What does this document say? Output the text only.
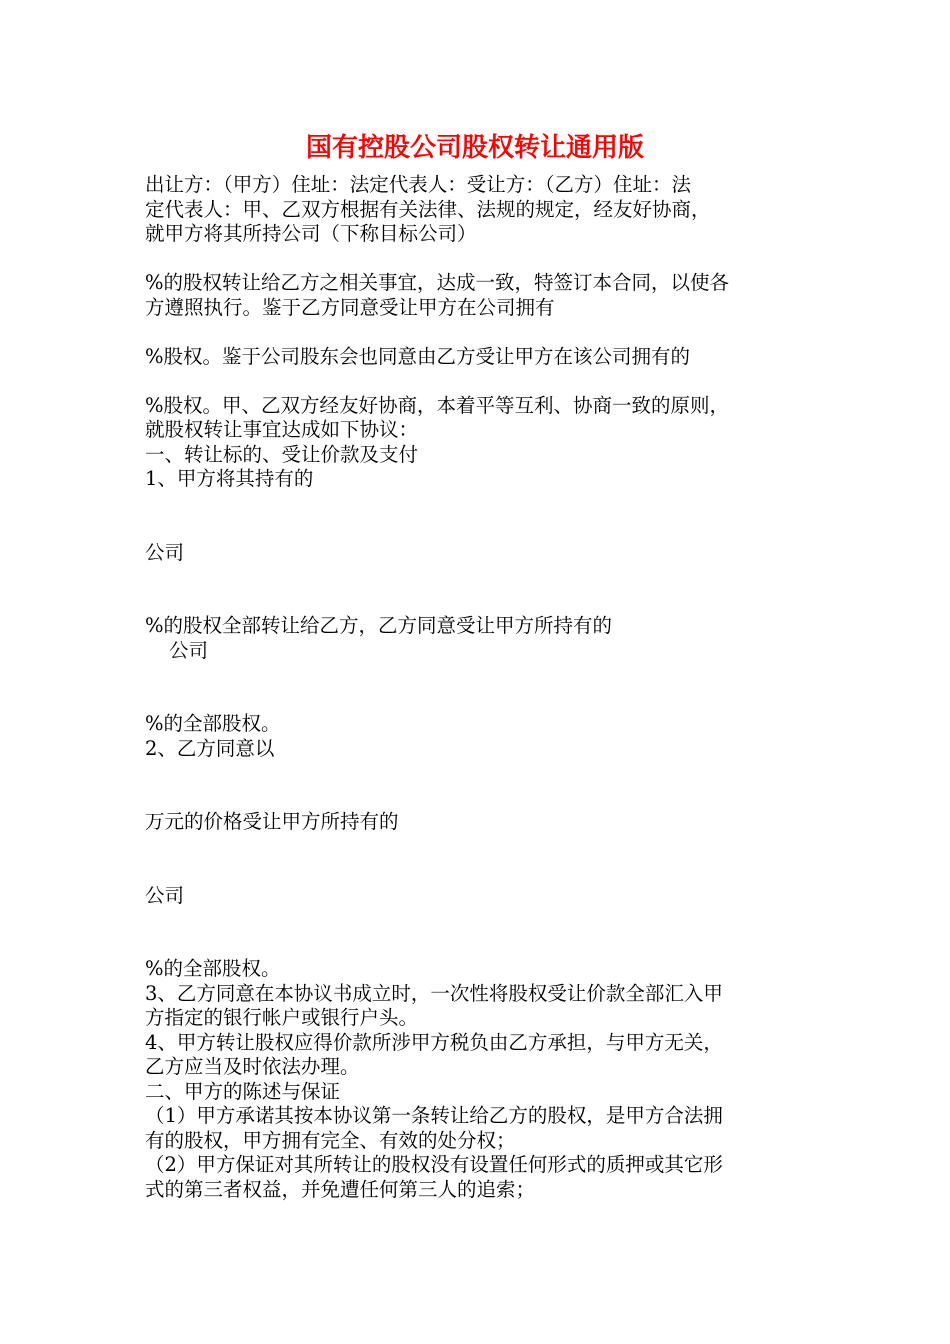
国有控股公司股权转让通用版
出让方：（甲方）住址：法定代表人：受让方：（乙方）住址：法
定代表人：甲、乙双方根据有关法律、法规的规定，经友好协商，
就甲方将其所持公司（下称目标公司）
%的股权转让给乙方之相关事宜，达成一致，特签订本合同，以使各
方遵照执行。鉴于乙方同意受让甲方在公司拥有
%股权。鉴于公司股东会也同意由乙方受让甲方在该公司拥有的
%股权。甲、乙双方经友好协商，本着平等互利、协商一致的原则，
就股权转让事宜达成如下协议：
一、转让标的、受让价款及支付
1、甲方将其持有的
公司
%的股权全部转让给乙方，乙方同意受让甲方所持有的
公司
%的全部股权。
2、乙方同意以
万元的价格受让甲方所持有的
公司
%的全部股权。
3、乙方同意在本协议书成立时，一次性将股权受让价款全部汇入甲
方指定的银行帐户或银行户头。
4、甲方转让股权应得价款所涉甲方税负由乙方承担，与甲方无关，
乙方应当及时依法办理。
二、甲方的陈述与保证
（1）甲方承诺其按本协议第一条转让给乙方的股权，是甲方合法拥
有的股权，甲方拥有完全、有效的处分权；
（2）甲方保证对其所转让的股权没有设置任何形式的质押或其它形
式的第三者权益，并免遭任何第三人的追索；
